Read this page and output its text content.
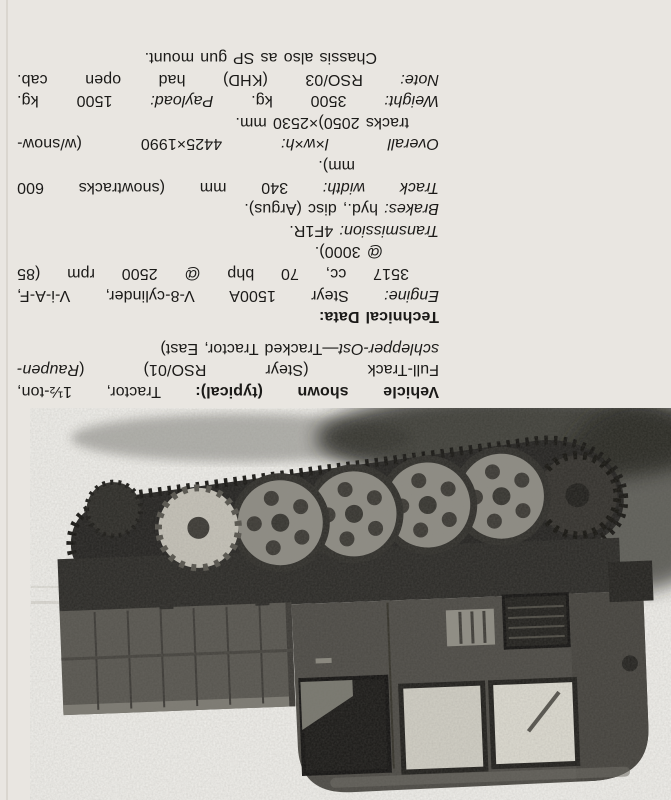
Vehicle shown (typical): Tractor, 1½-ton,
Full-Track (Steyr RSO/01) (Raupen-
schlepper-Ost—Tracked Tractor, East)
Technical Data:
Engine: Steyr 1500A V-8-cylinder, V-i-A-F,
3517 cc, 70 bhp @ 2500 rpm (85
@ 3000).
Transmission: 4F1R.
Brakes: hyd., disc (Argus).
Track width: 340 mm (snowtracks 600
mm).
Overall l×w×h: 4425×1990 (w/snow-
tracks 2050)×2530 mm.
Weight: 3500 kg. Payload: 1500 kg.
Note: RSO/03 (KHD) had open cab.
Chassis also as SP gun mount.
